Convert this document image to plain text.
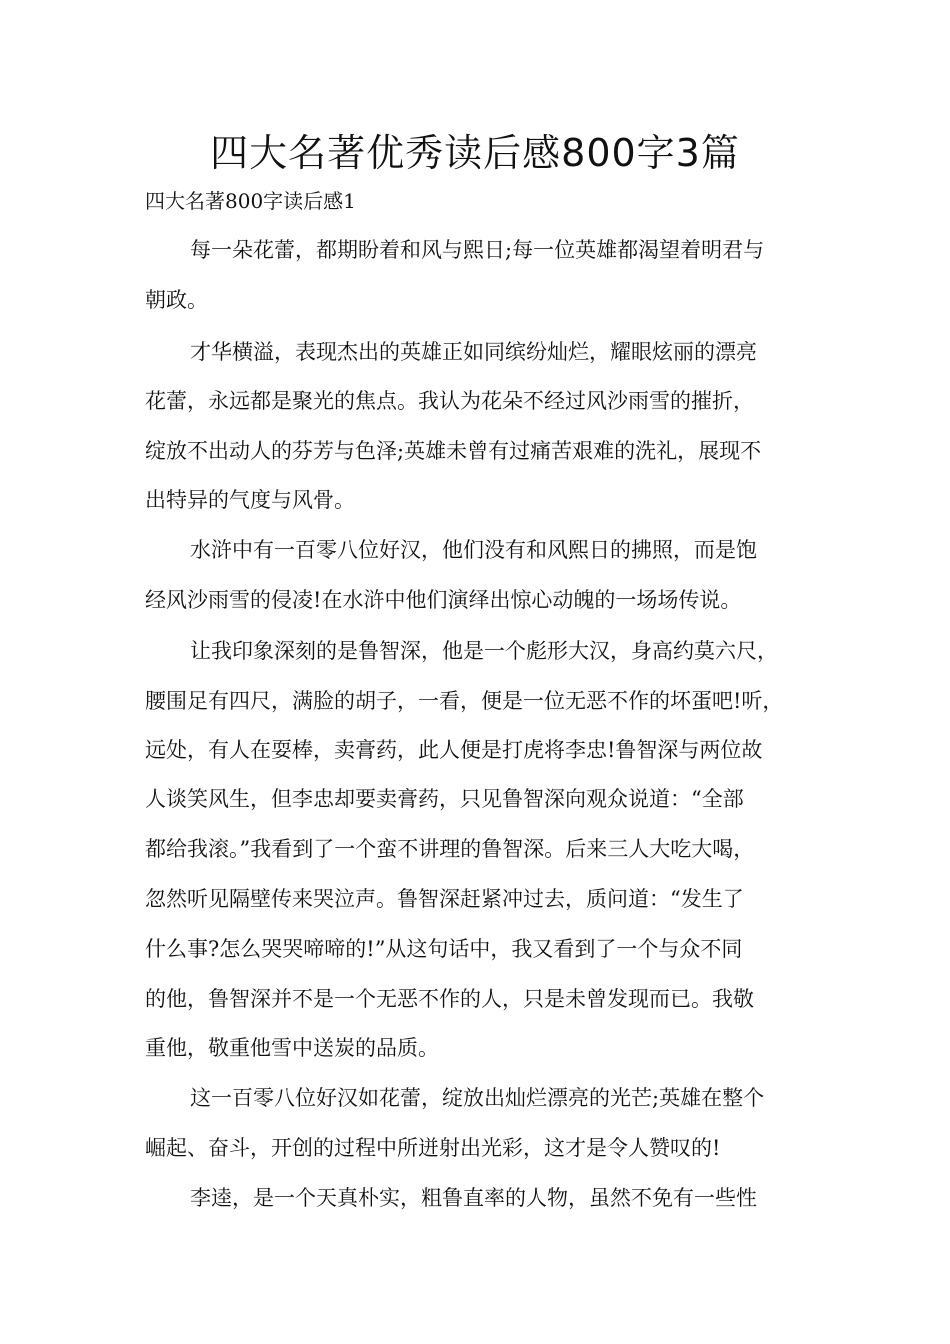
四大名著优秀读后感800字3篇

四大名著800字读后感1

每一朵花蕾，都期盼着和风与熙日;每一位英雄都渴望着明君与

朝政。

才华横溢，表现杰出的英雄正如同缤纷灿烂，耀眼炫丽的漂亮

花蕾，永远都是聚光的焦点。我认为花朵不经过风沙雨雪的摧折，

绽放不出动人的芬芳与色泽;英雄未曾有过痛苦艰难的洗礼，展现不

出特异的气度与风骨。

水浒中有一百零八位好汉，他们没有和风熙日的拂照，而是饱

经风沙雨雪的侵凌!在水浒中他们演绎出惊心动魄的一场场传说。

让我印象深刻的是鲁智深，他是一个彪形大汉，身高约莫六尺，

腰围足有四尺，满脸的胡子，一看，便是一位无恶不作的坏蛋吧!听，

远处，有人在耍棒，卖膏药，此人便是打虎将李忠!鲁智深与两位故

人谈笑风生，但李忠却要卖膏药，只见鲁智深向观众说道：“全部

都给我滚。”我看到了一个蛮不讲理的鲁智深。后来三人大吃大喝，

忽然听见隔壁传来哭泣声。鲁智深赶紧冲过去，质问道：“发生了

什么事?怎么哭哭啼啼的!”从这句话中，我又看到了一个与众不同

的他，鲁智深并不是一个无恶不作的人，只是未曾发现而已。我敬

重他，敬重他雪中送炭的品质。

这一百零八位好汉如花蕾，绽放出灿烂漂亮的光芒;英雄在整个

崛起、奋斗，开创的过程中所迸射出光彩，这才是令人赞叹的!

李逵，是一个天真朴实，粗鲁直率的人物，虽然不免有一些性
